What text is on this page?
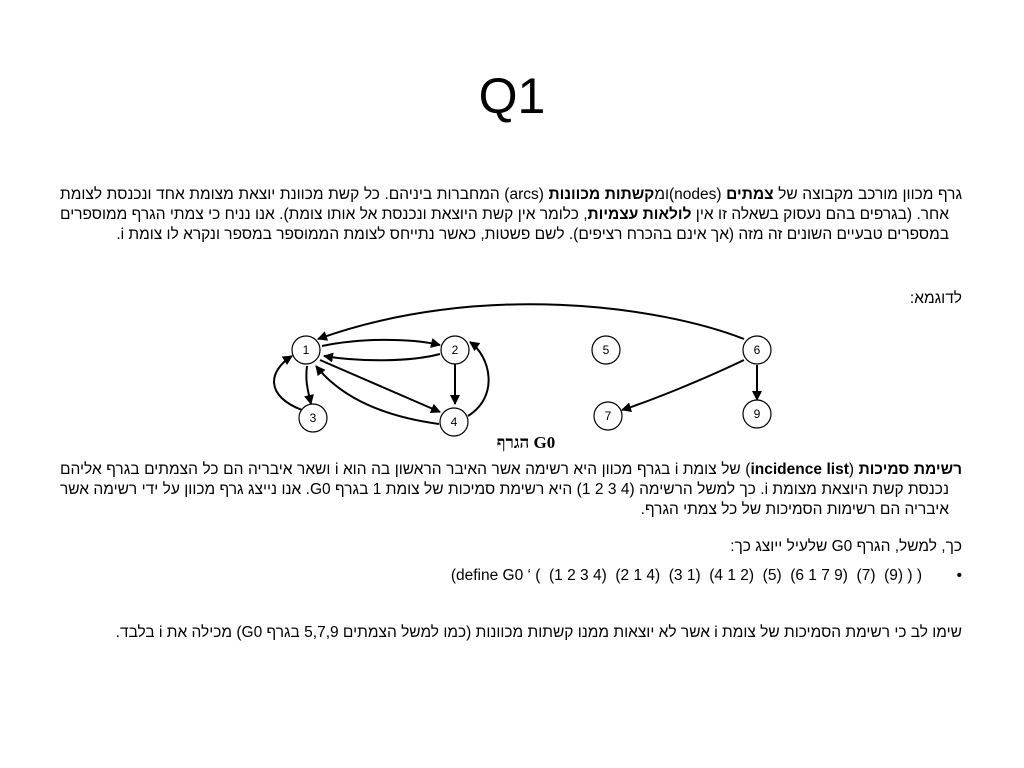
Q1
גרף מכוון מורכב מקבוצה של צמתים (nodes)ומקשתות מכוונות (arcs) המחברות ביניהם. כל קשת מכוונת יוצאת מצומת אחד ונכנסת לצומת אחר. (בגרפים בהם נעסוק בשאלה זו אין לולאות עצמיות, כלומר אין קשת היוצאת ונכנסת אל אותו צומת). אנו נניח כי צמתי הגרף ממוספרים במספרים טבעיים השונים זה מזה (אך אינם בהכרח רציפים). לשם פשטות, כאשר נתייחס לצומת הממוספר במספר ונקרא לו צומת i.
לדוגמא:
1	2
3	4
5	6
7	9
הגרף G0
רשימת סמיכות (incidence list) של צומת i בגרף מכוון היא רשימה אשר האיבר הראשון בה הוא i ושאר איבריה הם כל הצמתים בגרף אליהם נכנסת קשת היוצאת מצומת i. כך למשל הרשימה (4 3 2 1) היא רשימת סמיכות של צומת 1 בגרף G0. אנו נייצג גרף מכוון על ידי רשימה אשר איבריה הם רשימות הסמיכות של כל צמתי הגרף.
כך, למשל, הגרף G0 שלעיל ייוצג כך:
•
(define G0 ‘ (  (1 2 3 4)  (2 1 4)  (3 1)  (4 1 2)  (5)  (6 1 7 9)  (7)  (9) ) )
שימו לב כי רשימת הסמיכות של צומת i אשר לא יוצאות ממנו קשתות מכוונות (כמו למשל הצמתים 5,7,9 בגרף G0) מכילה את i בלבד.
